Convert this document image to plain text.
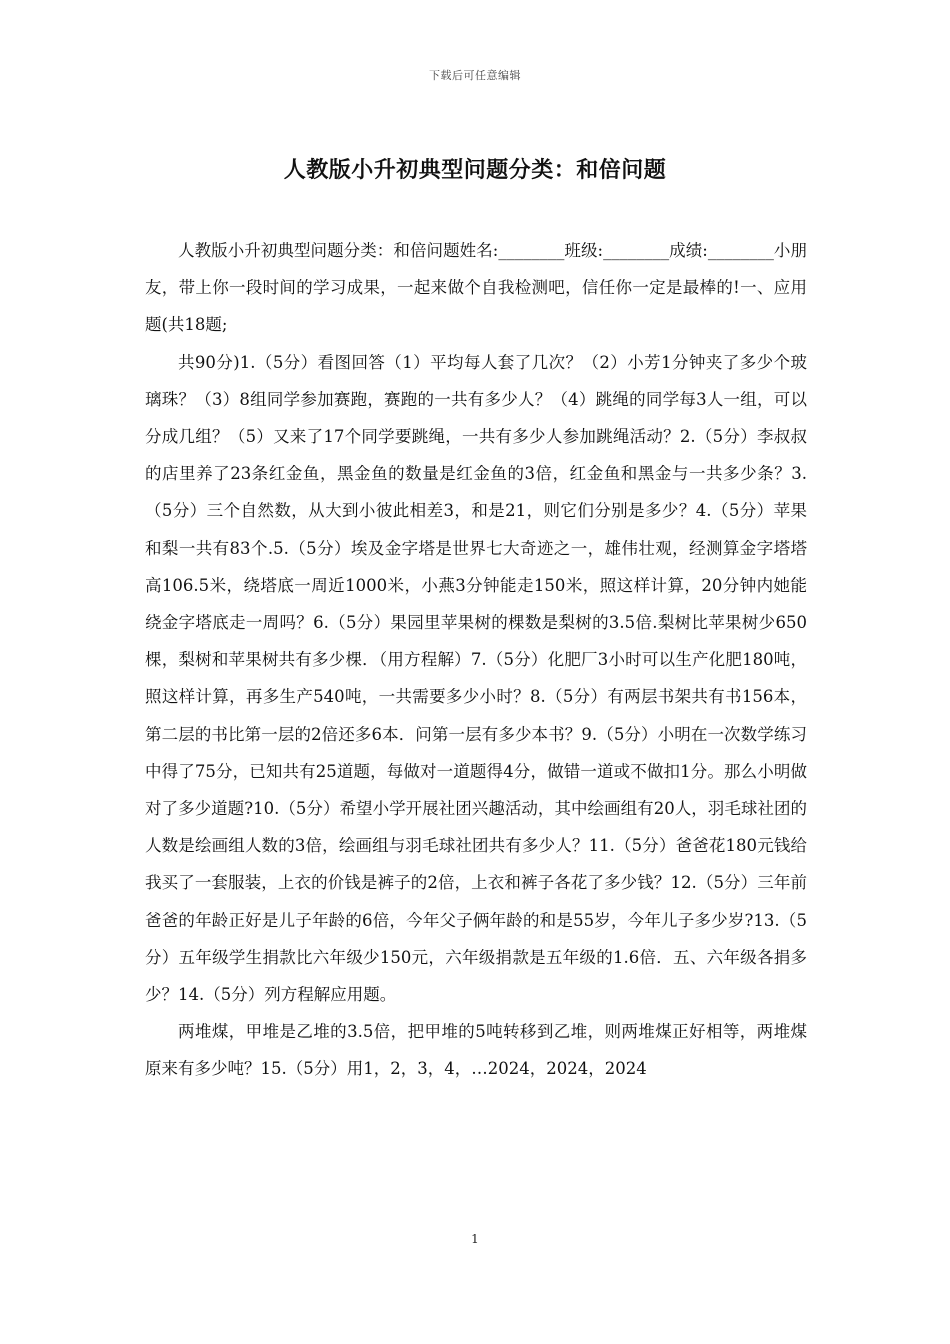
下载后可任意编辑
人教版小升初典型问题分类：和倍问题

人教版小升初典型问题分类：和倍问题姓名:________班级:________成绩:________小朋友，带上你一段时间的学习成果，一起来做个自我检测吧，信任你一定是最棒的!一、应用题(共18题;

共90分)1.（5分）看图回答（1）平均每人套了几次？（2）小芳1分钟夹了多少个玻璃珠？（3）8组同学参加赛跑，赛跑的一共有多少人？（4）跳绳的同学每3人一组，可以分成几组？（5）又来了17个同学要跳绳，一共有多少人参加跳绳活动？2.（5分）李叔叔的店里养了23条红金鱼，黑金鱼的数量是红金鱼的3倍，红金鱼和黑金与一共多少条？3.（5分）三个自然数，从大到小彼此相差3，和是21，则它们分别是多少？4.（5分）苹果和梨一共有83个.5.（5分）埃及金字塔是世界七大奇迹之一，雄伟壮观，经测算金字塔塔高106.5米，绕塔底一周近1000米，小燕3分钟能走150米，照这样计算，20分钟内她能绕金字塔底走一周吗？6.（5分）果园里苹果树的棵数是梨树的3.5倍.梨树比苹果树少650棵，梨树和苹果树共有多少棵．（用方程解）7.（5分）化肥厂3小时可以生产化肥180吨，照这样计算，再多生产540吨，一共需要多少小时？8.（5分）有两层书架共有书156本，第二层的书比第一层的2倍还多6本．问第一层有多少本书？9.（5分）小明在一次数学练习中得了75分，已知共有25道题，每做对一道题得4分，做错一道或不做扣1分。那么小明做对了多少道题?10.（5分）希望小学开展社团兴趣活动，其中绘画组有20人，羽毛球社团的人数是绘画组人数的3倍，绘画组与羽毛球社团共有多少人？11.（5分）爸爸花180元钱给我买了一套服装，上衣的价钱是裤子的2倍，上衣和裤子各花了多少钱？12.（5分）三年前爸爸的年龄正好是儿子年龄的6倍，今年父子俩年龄的和是55岁，今年儿子多少岁?13.（5分）五年级学生捐款比六年级少150元，六年级捐款是五年级的1.6倍．五、六年级各捐多少？14.（5分）列方程解应用题。

两堆煤，甲堆是乙堆的3.5倍，把甲堆的5吨转移到乙堆，则两堆煤正好相等，两堆煤原来有多少吨？15.（5分）用1，2，3，4，…2024，2024，2024

1
